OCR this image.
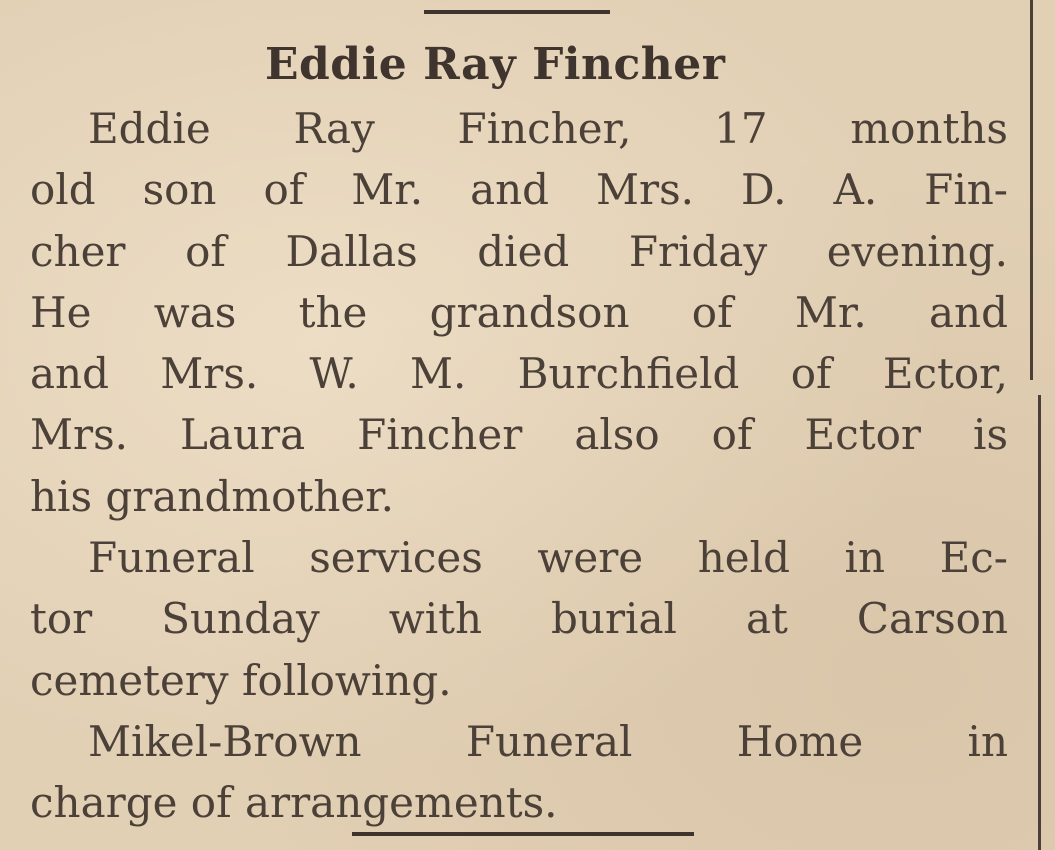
Eddie Ray Fincher
Eddie Ray Fincher, 17 months
old son of Mr. and Mrs. D. A. Fin-
cher of Dallas died Friday evening.
He was the grandson of Mr. and
and Mrs. W. M. Burchfield of Ector,
Mrs. Laura Fincher also of Ector is
his grandmother.
Funeral services were held in Ec-
tor Sunday with burial at Carson
cemetery following.
Mikel-Brown Funeral Home in
charge of arrangements.
